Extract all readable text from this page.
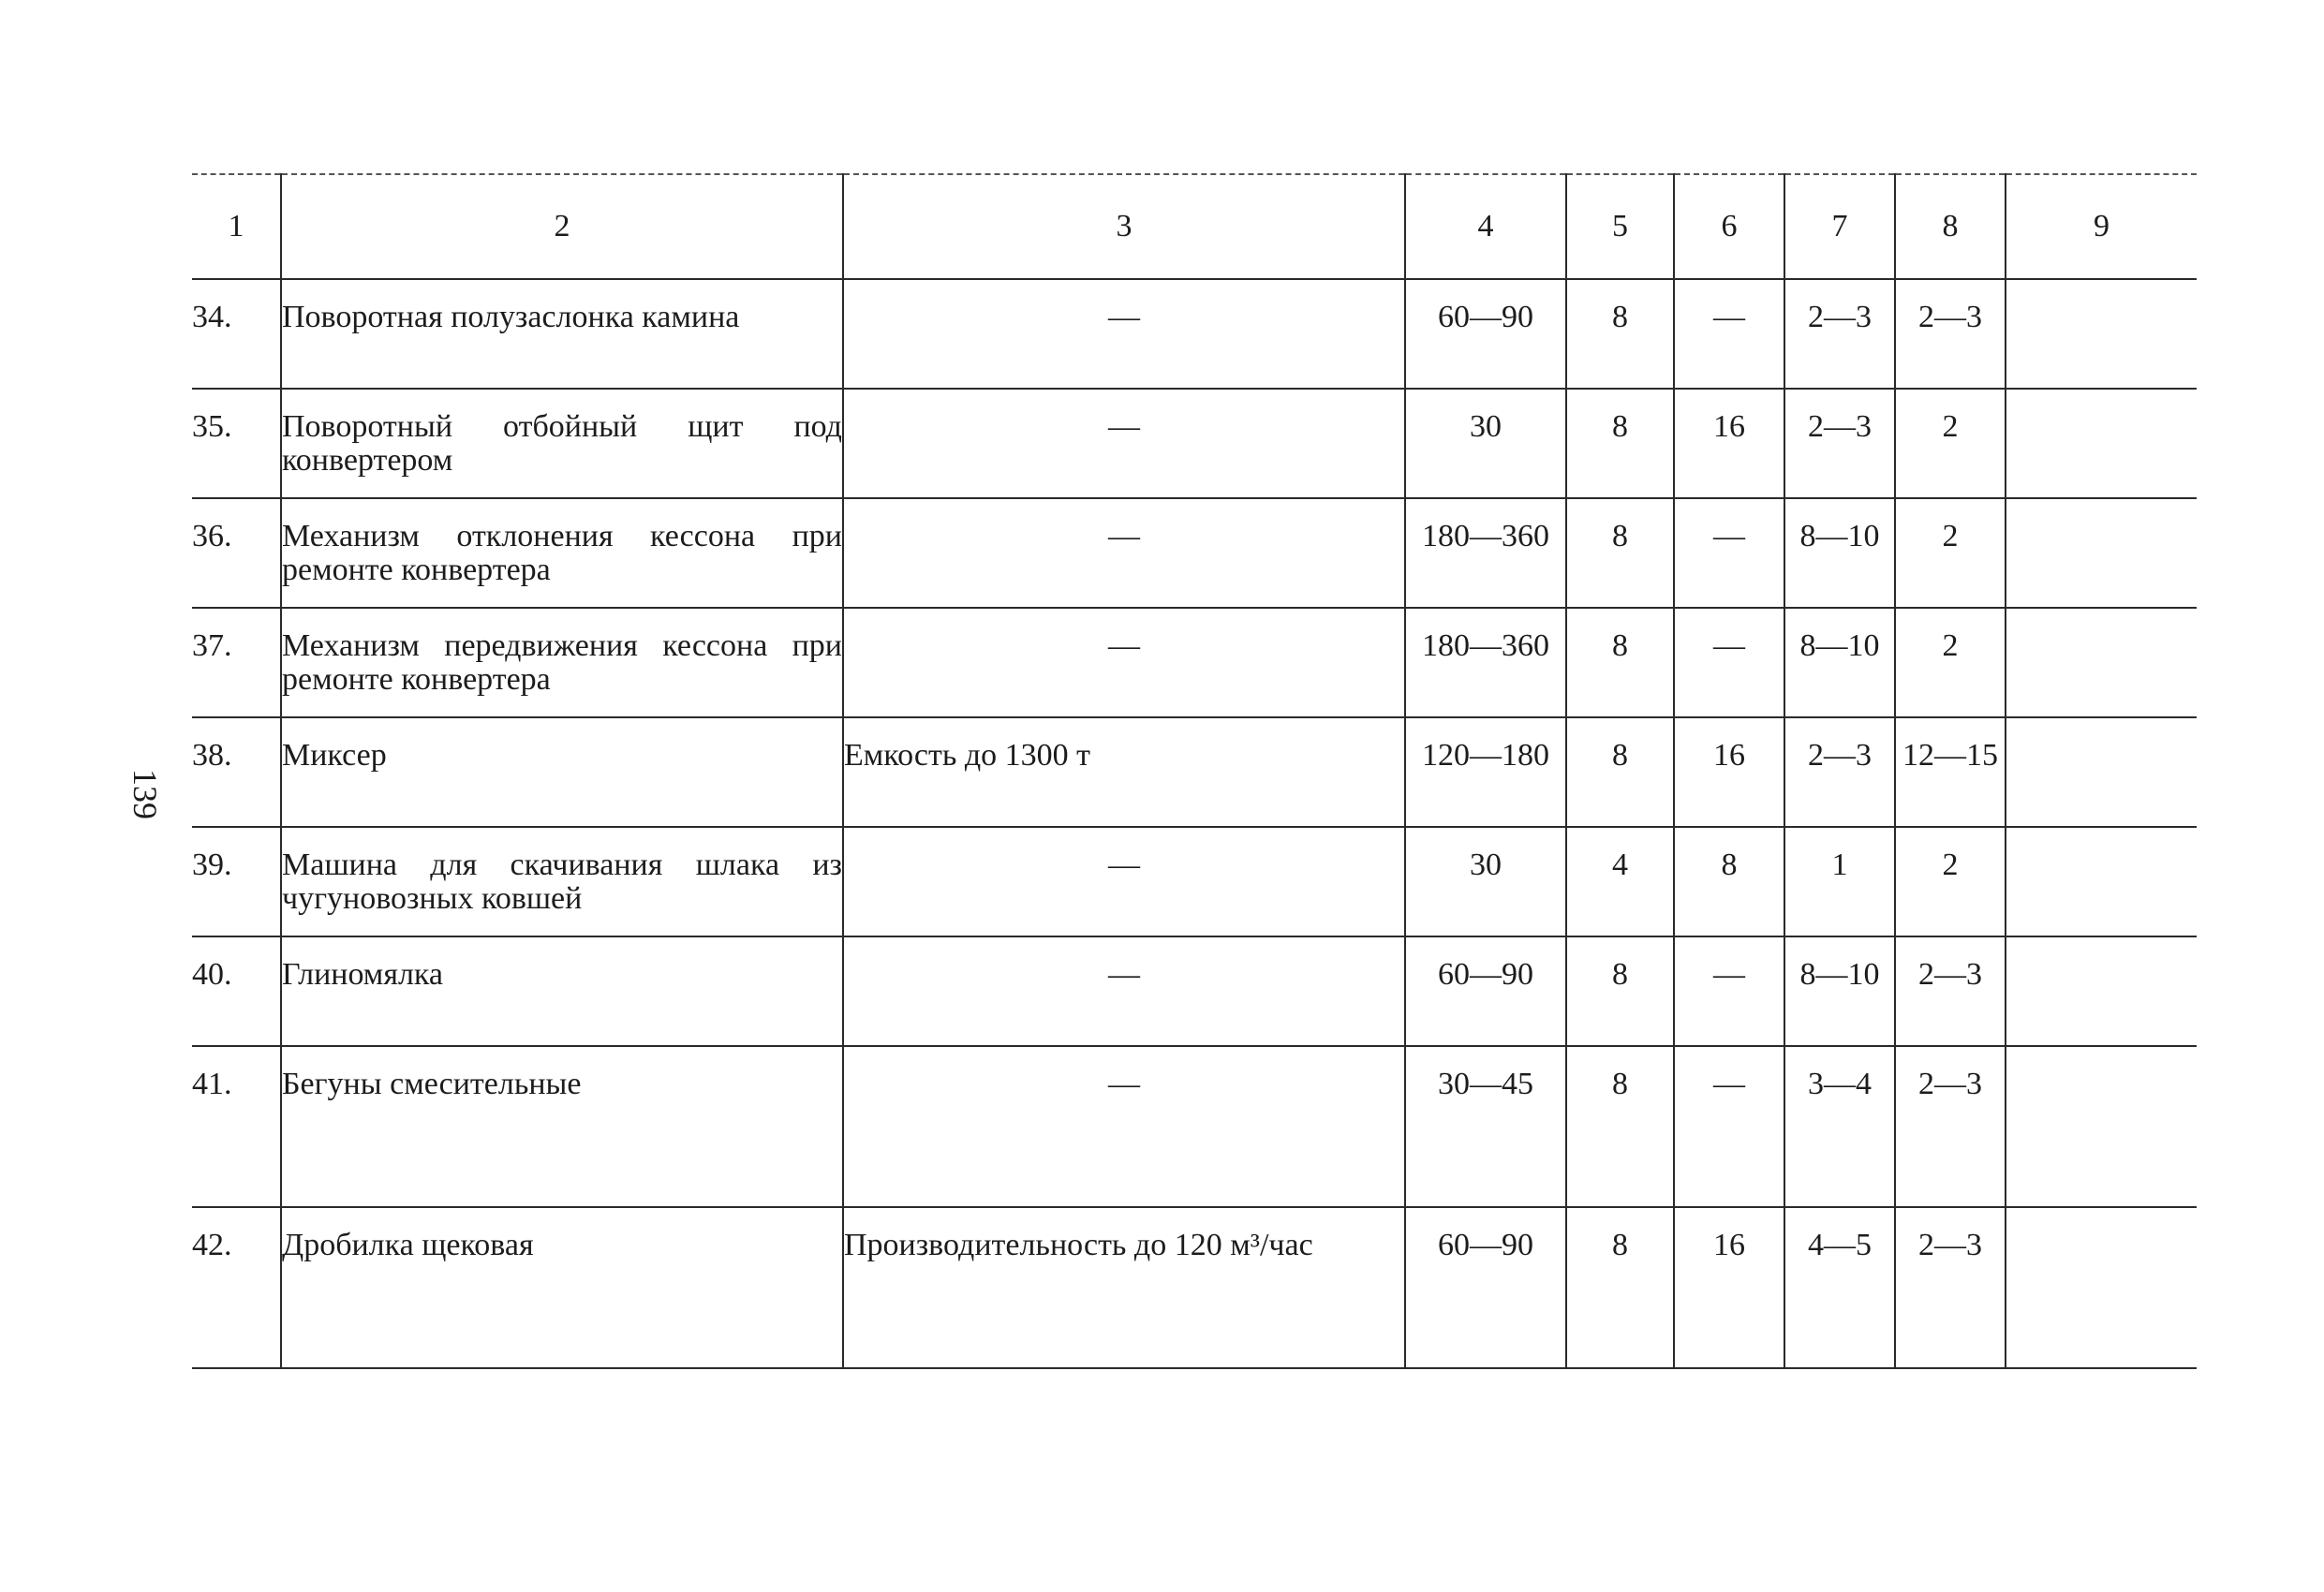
139
1	2	3	4	5	6	7	8	9
34.	Поворотная полузаслонка камина	—	60—90	8	—	2—3	2—3	
35.	Поворотный отбойный щит под конвертером	—	30	8	16	2—3	2	
36.	Механизм отклонения кессона при ремонте конвертера	—	180—360	8	—	8—10	2	
37.	Механизм передвижения кессона при ремонте конвертера	—	180—360	8	—	8—10	2	
38.	Миксер	Емкость до 1300 т	120—180	8	16	2—3	12—15	
39.	Машина для скачивания шлака из чугуновозных ковшей	—	30	4	8	1	2	
40.	Глиномялка	—	60—90	8	—	8—10	2—3	
41.	Бегуны смесительные	—	30—45	8	—	3—4	2—3	
42.	Дробилка щековая	Производительность до 120 м³/час	60—90	8	16	4—5	2—3	
